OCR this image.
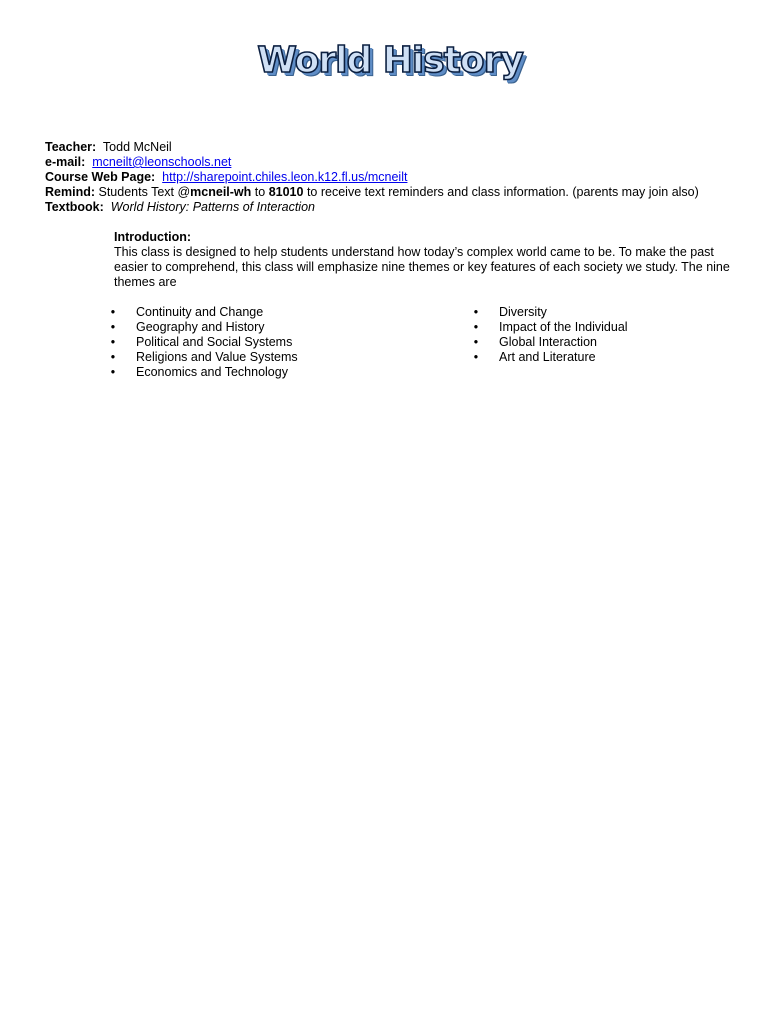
World History
Teacher: Todd McNeil
e-mail: mcneilt@leonschools.net
Course Web Page: http://sharepoint.chiles.leon.k12.fl.us/mcneilt
Remind: Students Text @mcneil-wh to 81010 to receive text reminders and class information. (parents may join also)
Textbook: World History: Patterns of Interaction
Introduction:
This class is designed to help students understand how today’s complex world came to be. To make the past easier to comprehend, this class will emphasize nine themes or key features of each society we study. The nine themes are
• Continuity and Change
• Geography and History
• Political and Social Systems
• Religions and Value Systems
• Economics and Technology
• Diversity
• Impact of the Individual
• Global Interaction
• Art and Literature
